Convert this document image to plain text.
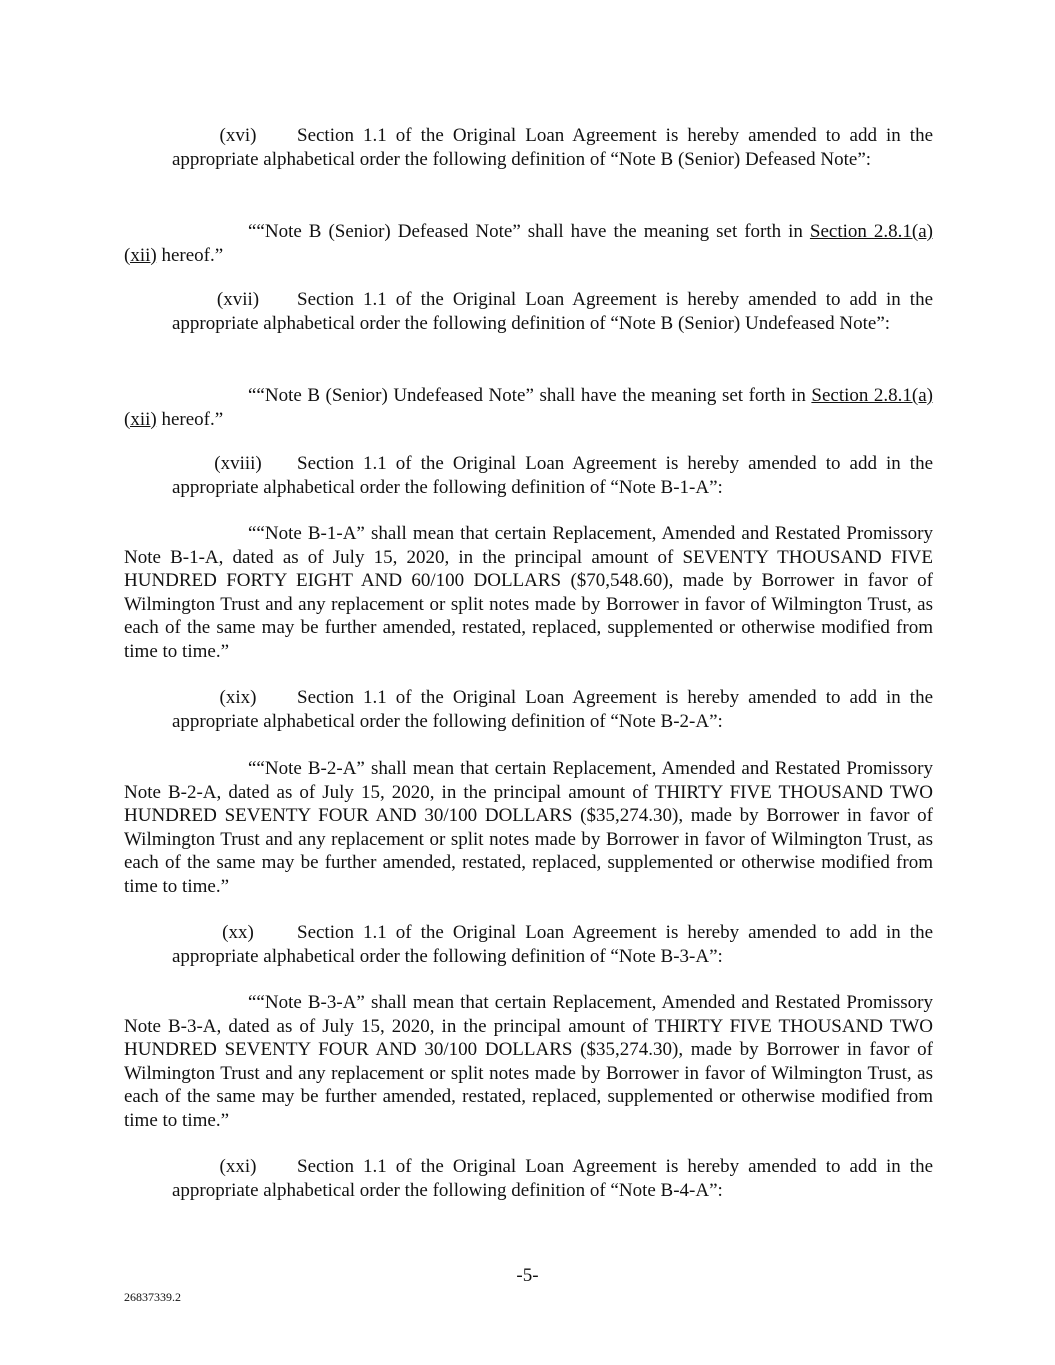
(xvi)	Section 1.1 of the Original Loan Agreement is hereby amended to add in the
appropriate alphabetical order the following definition of “Note B (Senior) Defeased Note”:

““Note B (Senior) Defeased Note” shall have the meaning set forth in Section 2.8.1(a)(xii) hereof.”

(xvii)	Section 1.1 of the Original Loan Agreement is hereby amended to add in the
appropriate alphabetical order the following definition of “Note B (Senior) Undefeased Note”:

““Note B (Senior) Undefeased Note” shall have the meaning set forth in Section 2.8.1(a)(xii) hereof.”

(xviii)	Section 1.1 of the Original Loan Agreement is hereby amended to add in the
appropriate alphabetical order the following definition of “Note B-1-A”:

““Note B-1-A” shall mean that certain Replacement, Amended and Restated Promissory Note B-1-A, dated as of July 15, 2020, in the principal amount of SEVENTY THOUSAND FIVE HUNDRED FORTY EIGHT AND 60/100 DOLLARS ($70,548.60), made by Borrower in favor of Wilmington Trust and any replacement or split notes made by Borrower in favor of Wilmington Trust, as each of the same may be further amended, restated, replaced, supplemented or otherwise modified from time to time.”

(xix)	Section 1.1 of the Original Loan Agreement is hereby amended to add in the
appropriate alphabetical order the following definition of “Note B-2-A”:

““Note B-2-A” shall mean that certain Replacement, Amended and Restated Promissory Note B-2-A, dated as of July 15, 2020, in the principal amount of THIRTY FIVE THOUSAND TWO HUNDRED SEVENTY FOUR AND 30/100 DOLLARS ($35,274.30), made by Borrower in favor of Wilmington Trust and any replacement or split notes made by Borrower in favor of Wilmington Trust, as each of the same may be further amended, restated, replaced, supplemented or otherwise modified from time to time.”

(xx)	Section 1.1 of the Original Loan Agreement is hereby amended to add in the
appropriate alphabetical order the following definition of “Note B-3-A”:

““Note B-3-A” shall mean that certain Replacement, Amended and Restated Promissory Note B-3-A, dated as of July 15, 2020, in the principal amount of THIRTY FIVE THOUSAND TWO HUNDRED SEVENTY FOUR AND 30/100 DOLLARS ($35,274.30), made by Borrower in favor of Wilmington Trust and any replacement or split notes made by Borrower in favor of Wilmington Trust, as each of the same may be further amended, restated, replaced, supplemented or otherwise modified from time to time.”

(xxi)	Section 1.1 of the Original Loan Agreement is hereby amended to add in the
appropriate alphabetical order the following definition of “Note B-4-A”:

-5-
26837339.2
